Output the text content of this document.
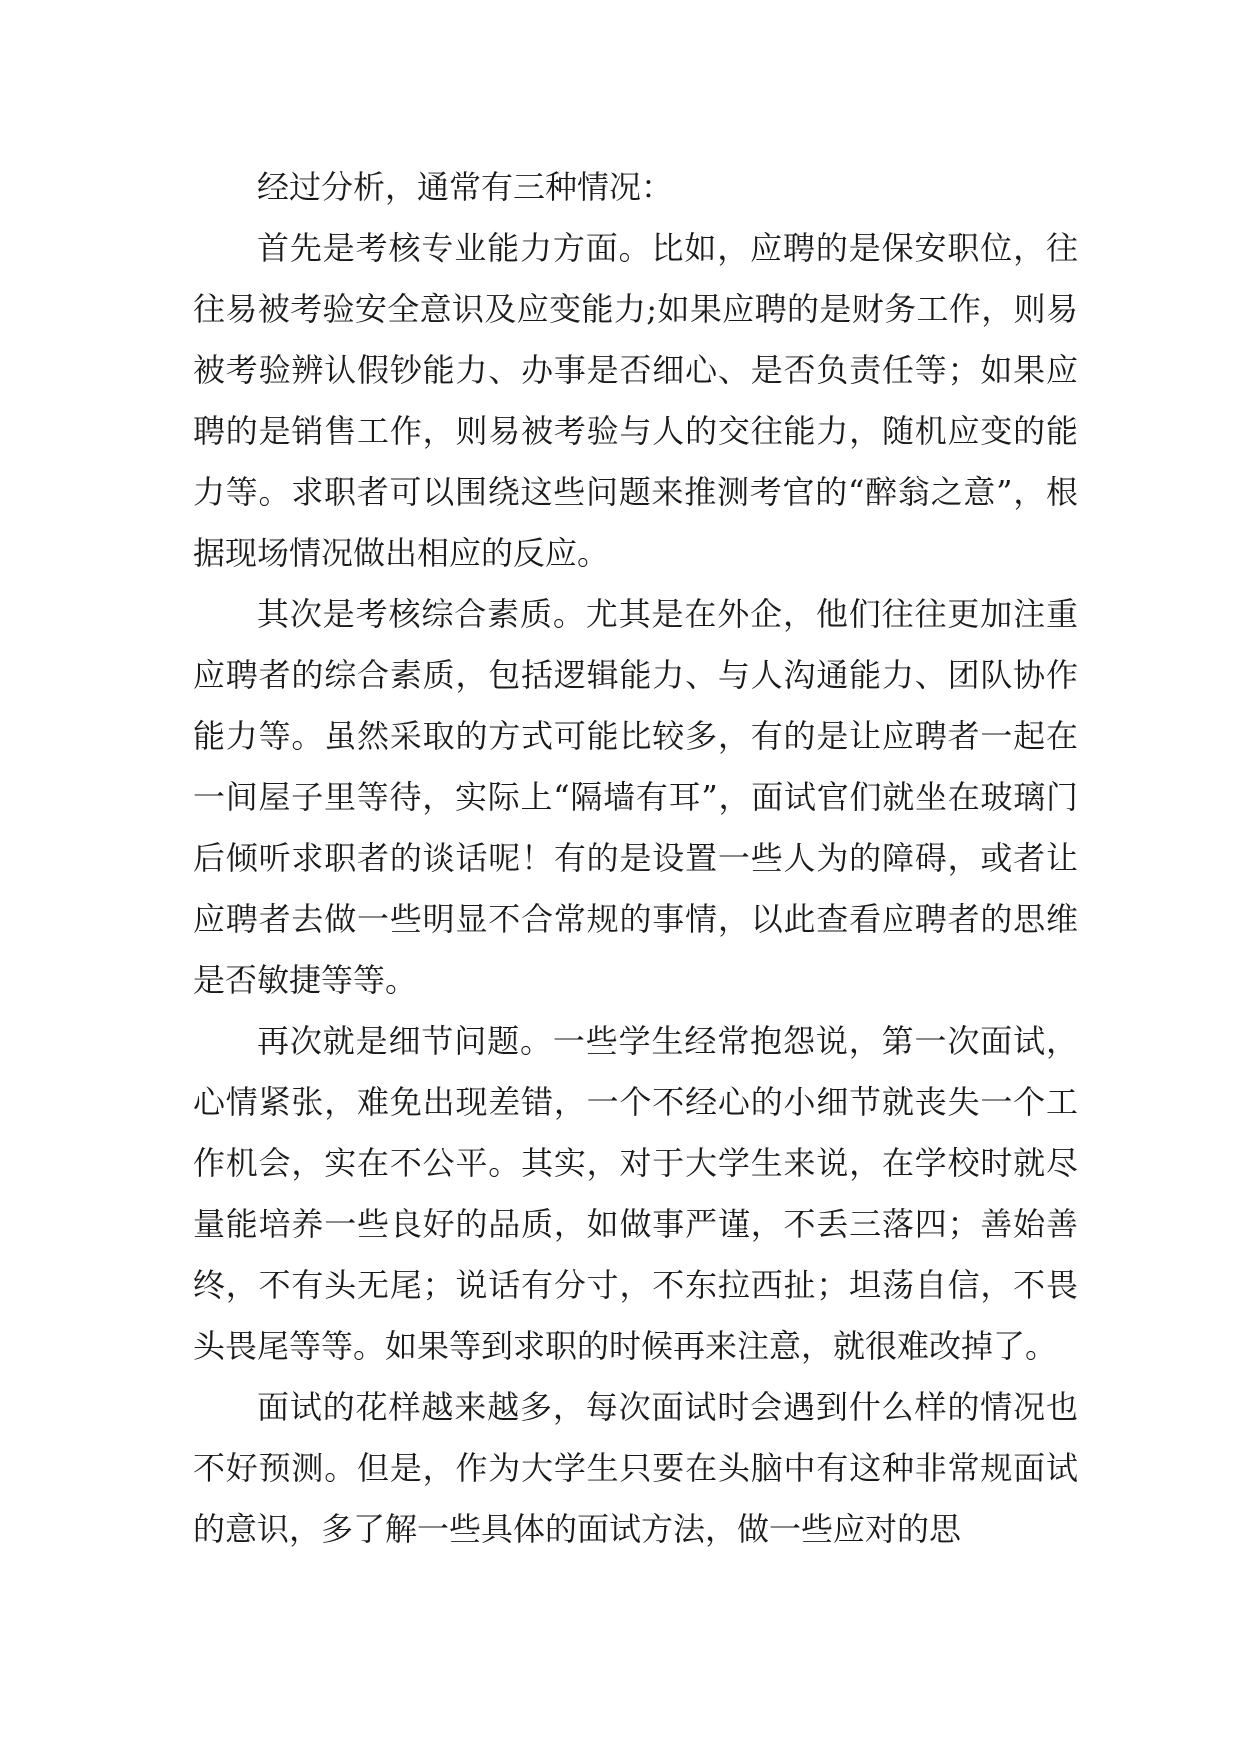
经过分析，通常有三种情况：

首先是考核专业能力方面。比如，应聘的是保安职位，往往易被考验安全意识及应变能力;如果应聘的是财务工作，则易被考验辨认假钞能力、办事是否细心、是否负责任等；如果应聘的是销售工作，则易被考验与人的交往能力，随机应变的能力等。求职者可以围绕这些问题来推测考官的“醉翁之意”，根据现场情况做出相应的反应。

其次是考核综合素质。尤其是在外企，他们往往更加注重应聘者的综合素质，包括逻辑能力、与人沟通能力、团队协作能力等。虽然采取的方式可能比较多，有的是让应聘者一起在一间屋子里等待，实际上“隔墙有耳”，面试官们就坐在玻璃门后倾听求职者的谈话呢！有的是设置一些人为的障碍，或者让应聘者去做一些明显不合常规的事情，以此查看应聘者的思维是否敏捷等等。

再次就是细节问题。一些学生经常抱怨说，第一次面试，心情紧张，难免出现差错，一个不经心的小细节就丧失一个工作机会，实在不公平。其实，对于大学生来说，在学校时就尽量能培养一些良好的品质，如做事严谨，不丢三落四；善始善终，不有头无尾；说话有分寸，不东拉西扯；坦荡自信，不畏头畏尾等等。如果等到求职的时候再来注意，就很难改掉了。

面试的花样越来越多，每次面试时会遇到什么样的情况也不好预测。但是，作为大学生只要在头脑中有这种非常规面试的意识，多了解一些具体的面试方法，做一些应对的思
